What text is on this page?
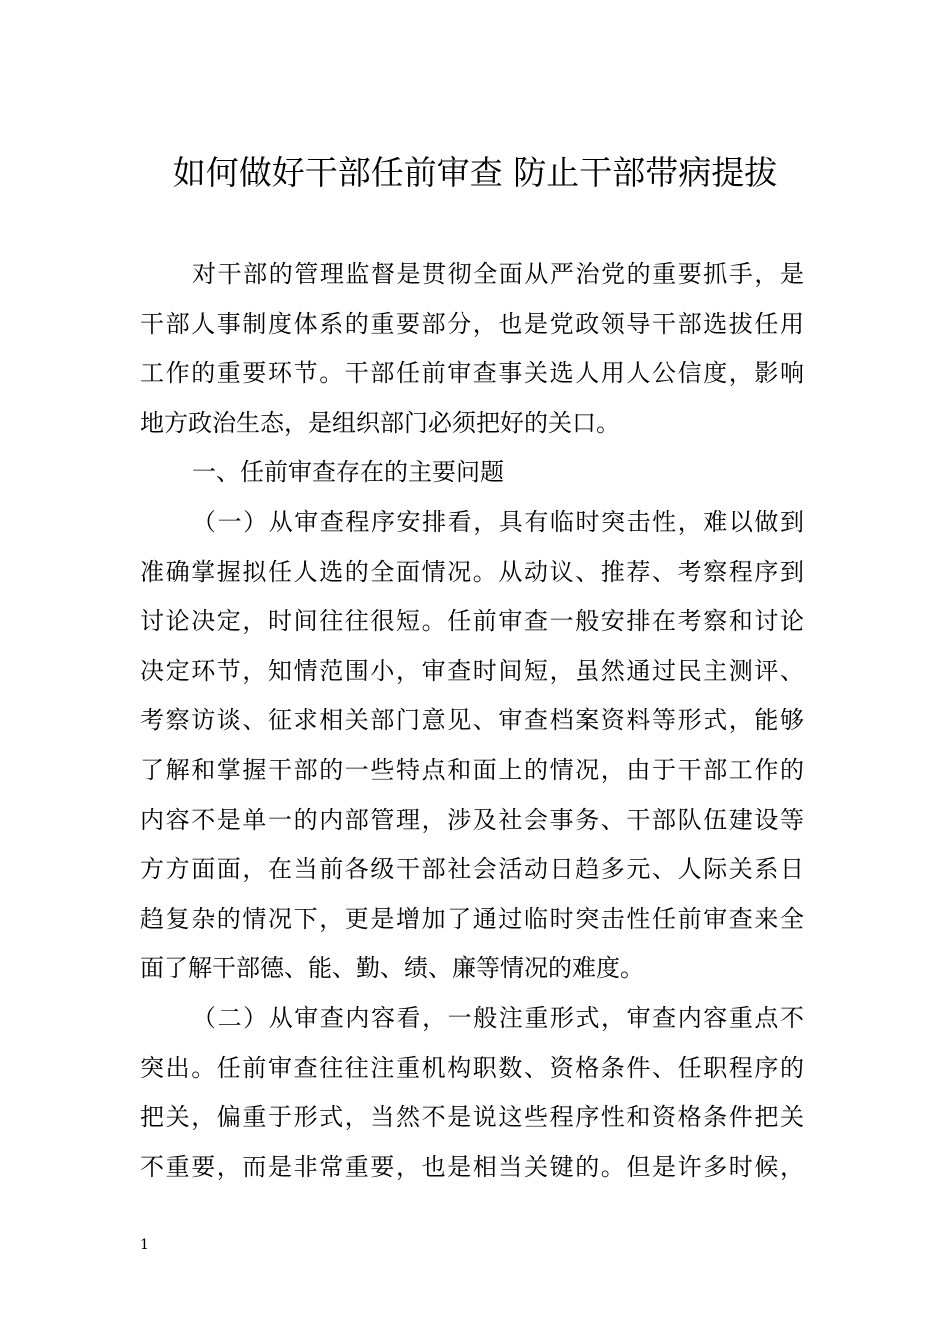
如何做好干部任前审查 防止干部带病提拔
对干部的管理监督是贯彻全面从严治党的重要抓手，是
干部人事制度体系的重要部分，也是党政领导干部选拔任用
工作的重要环节。干部任前审查事关选人用人公信度，影响
地方政治生态，是组织部门必须把好的关口。
一、任前审查存在的主要问题
（一）从审查程序安排看，具有临时突击性，难以做到
准确掌握拟任人选的全面情况。从动议、推荐、考察程序到
讨论决定，时间往往很短。任前审查一般安排在考察和讨论
决定环节，知情范围小，审查时间短，虽然通过民主测评、
考察访谈、征求相关部门意见、审查档案资料等形式，能够
了解和掌握干部的一些特点和面上的情况，由于干部工作的
内容不是单一的内部管理，涉及社会事务、干部队伍建设等
方方面面，在当前各级干部社会活动日趋多元、人际关系日
趋复杂的情况下，更是增加了通过临时突击性任前审查来全
面了解干部德、能、勤、绩、廉等情况的难度。
（二）从审查内容看，一般注重形式，审查内容重点不
突出。任前审查往往注重机构职数、资格条件、任职程序的
把关，偏重于形式，当然不是说这些程序性和资格条件把关
不重要，而是非常重要，也是相当关键的。但是许多时候，
1
